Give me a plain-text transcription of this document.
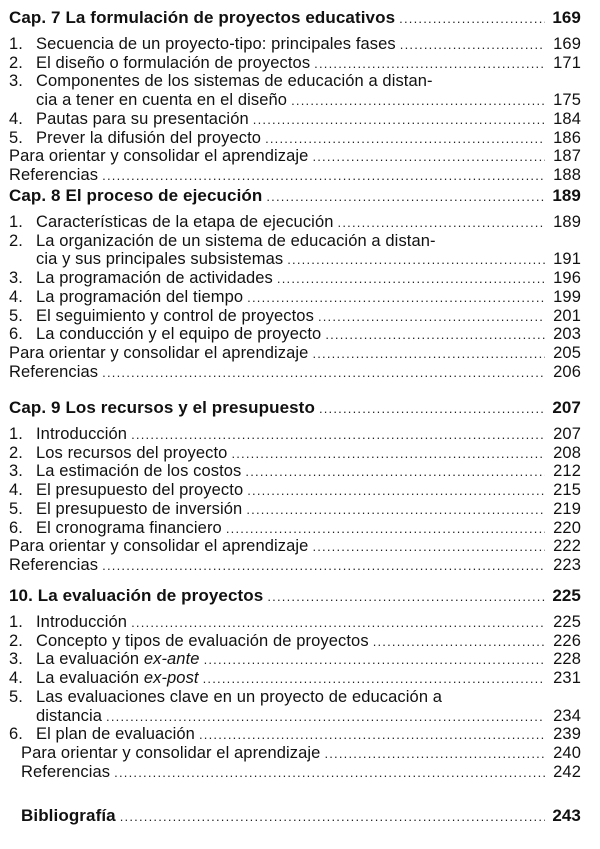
Cap. 7 La formulación de proyectos educativos .....	169
1. Secuencia de un proyecto-tipo: principales fases .....	169
2. El diseño o formulación de proyectos .....	171
3. Componentes de los sistemas de educación a distan-
cia a tener en cuenta en el diseño .....	175
4. Pautas para su presentación .....	184
5. Prever la difusión del proyecto .....	186
Para orientar y consolidar el aprendizaje .....	187
Referencias .....	188
Cap. 8 El proceso de ejecución .....	189
1. Características de la etapa de ejecución .....	189
2. La organización de un sistema de educación a distan-
cia y sus principales subsistemas .....	191
3. La programación de actividades .....	196
4. La programación del tiempo .....	199
5. El seguimiento y control de proyectos .....	201
6. La conducción y el equipo de proyecto .....	203
Para orientar y consolidar el aprendizaje .....	205
Referencias .....	206
Cap. 9 Los recursos y el presupuesto .....	207
1. Introducción .....	207
2. Los recursos del proyecto .....	208
3. La estimación de los costos .....	212
4. El presupuesto del proyecto .....	215
5. El presupuesto de inversión .....	219
6. El cronograma financiero .....	220
Para orientar y consolidar el aprendizaje .....	222
Referencias .....	223
10. La evaluación de proyectos .....	225
1. Introducción .....	225
2. Concepto y tipos de evaluación de proyectos .....	226
3. La evaluación ex-ante .....	228
4. La evaluación ex-post .....	231
5. Las evaluaciones clave en un proyecto de educación a
distancia .....	234
6. El plan de evaluación .....	239
Para orientar y consolidar el aprendizaje .....	240
Referencias .....	242
Bibliografía .....	243
